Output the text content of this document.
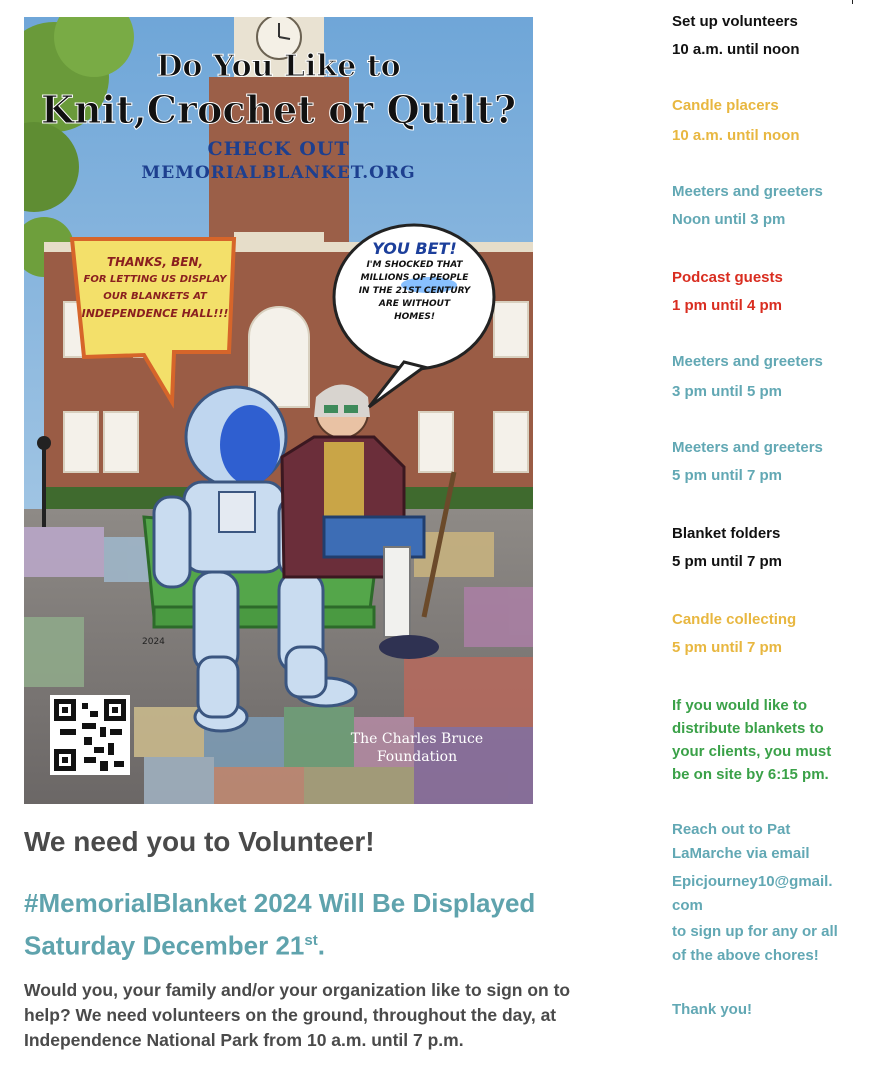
Do You Like to
Knit,Crochet or Quilt?
CHECK OUT
MEMORIALBLANKET.ORG
THANKS, BEN,
FOR LETTING US DISPLAY
OUR BLANKETS AT
INDEPENDENCE HALL!!!
YOU BET!
I'M SHOCKED THAT
MILLIONS OF PEOPLE
IN THE 21ST CENTURY
ARE WITHOUT
HOMES!
2024
The Charles Bruce
Foundation
We need you to Volunteer!
#MemorialBlanket 2024 Will Be Displayed
Saturday December 21st.
Would you, your family and/or your organization like to sign on to
help? We need volunteers on the ground, throughout the day, at
Independence National Park from 10 a.m. until 7 p.m.
Set up volunteers
10 a.m. until noon
Candle placers
10 a.m. until noon
Meeters and greeters
Noon until 3 pm
Podcast guests
1 pm until 4 pm
Meeters and greeters
3 pm until 5 pm
Meeters and greeters
5 pm until 7 pm
Blanket folders
5 pm until 7 pm
Candle collecting
5 pm until 7 pm
If you would like to
distribute blankets to
your clients, you must
be on site by 6:15 pm.
Reach out to Pat
LaMarche via email
Epicjourney10@gmail.
com
to sign up for any or all
of the above chores!
Thank you!
